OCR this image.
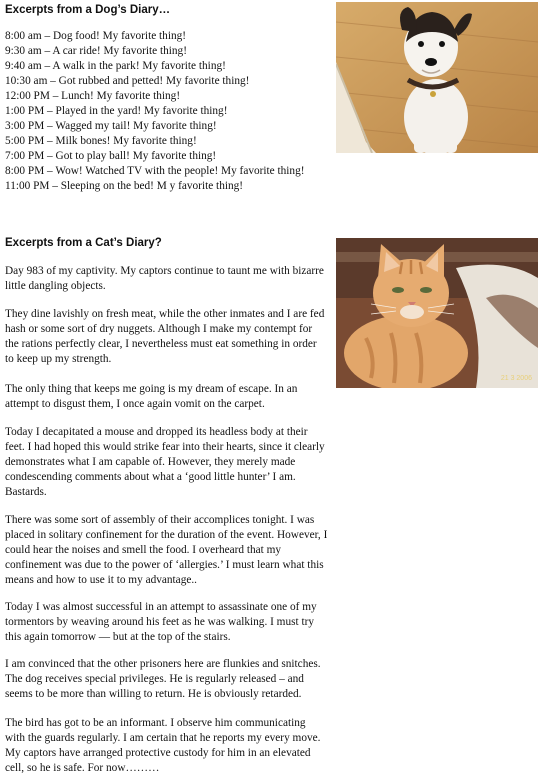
Excerpts from a Dog’s Diary…
8:00 am – Dog food! My favorite thing!
9:30 am – A car ride! My favorite thing!
9:40 am – A walk in the park! My favorite thing!
10:30 am – Got rubbed and petted! My favorite thing!
12:00 PM – Lunch! My favorite thing!
1:00 PM – Played in the yard! My favorite thing!
3:00 PM – Wagged my tail! My favorite thing!
5:00 PM – Milk bones! My favorite thing!
7:00 PM – Got to play ball! My favorite thing!
8:00 PM – Wow! Watched TV with the people! My favorite thing!
11:00 PM – Sleeping on the bed! M y favorite thing!
Excerpts from a Cat’s Diary?
Day 983 of my captivity. My captors continue to taunt me with bizarre little dangling objects.
They dine lavishly on fresh meat, while the other inmates and I are fed hash or some sort of dry nuggets. Although I make my contempt for the rations perfectly clear, I nevertheless must eat something in order to keep up my strength.
The only thing that keeps me going is my dream of escape. In an attempt to disgust them, I once again vomit on the carpet.
Today I decapitated a mouse and dropped its headless body at their feet. I had hoped this would strike fear into their hearts, since it clearly demonstrates what I am capable of. However, they merely made condescending comments about what a ‘good little hunter’ I am. Bastards.
There was some sort of assembly of their accomplices tonight. I was placed in solitary confinement for the duration of the event. However, I could hear the noises and smell the food. I overheard that my confinement was due to the power of ‘allergies.’ I must learn what this means and how to use it to my advantage..
Today I was almost successful in an attempt to assassinate one of my tormentors by weaving around his feet as he was walking. I must try this again tomorrow — but at the top of the stairs.
I am convinced that the other prisoners here are flunkies and snitches. The dog receives special privileges. He is regularly released – and seems to be more than willing to return. He is obviously retarded.
The bird has got to be an informant. I observe him communicating with the guards regularly. I am certain that he reports my every move. My captors have arranged protective custody for him in an elevated cell, so he is safe. For now………
21 3 2006
